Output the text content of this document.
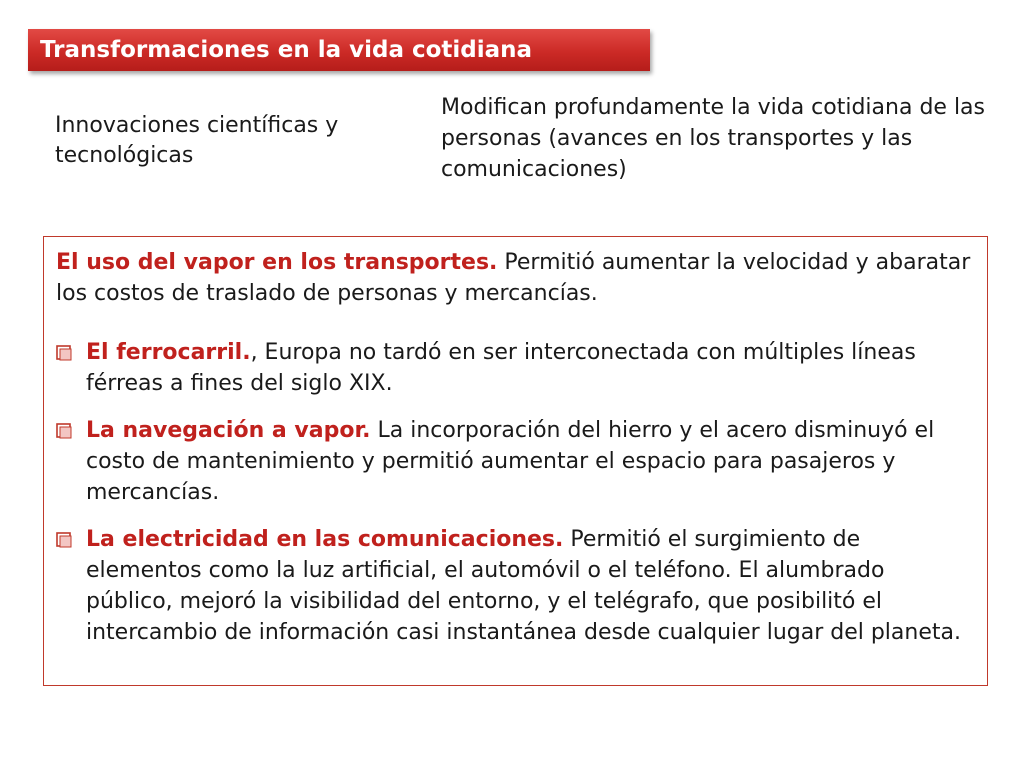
Transformaciones en la vida cotidiana
Innovaciones científicas y tecnológicas
Modifican profundamente la vida cotidiana de las personas (avances en los transportes y las comunicaciones)

El uso del vapor en los transportes. Permitió aumentar la velocidad y abaratar los costos de traslado de personas y mercancías.

El ferrocarril., Europa no tardó en ser interconectada con múltiples líneas férreas a fines del siglo XIX.
La navegación a vapor. La incorporación del hierro y el acero disminuyó el costo de mantenimiento y permitió aumentar el espacio para pasajeros y mercancías.
La electricidad en las comunicaciones. Permitió el surgimiento de elementos como la luz artificial, el automóvil o el teléfono. El alumbrado público, mejoró la visibilidad del entorno, y el telégrafo, que posibilitó el intercambio de información casi instantánea desde cualquier lugar del planeta.
